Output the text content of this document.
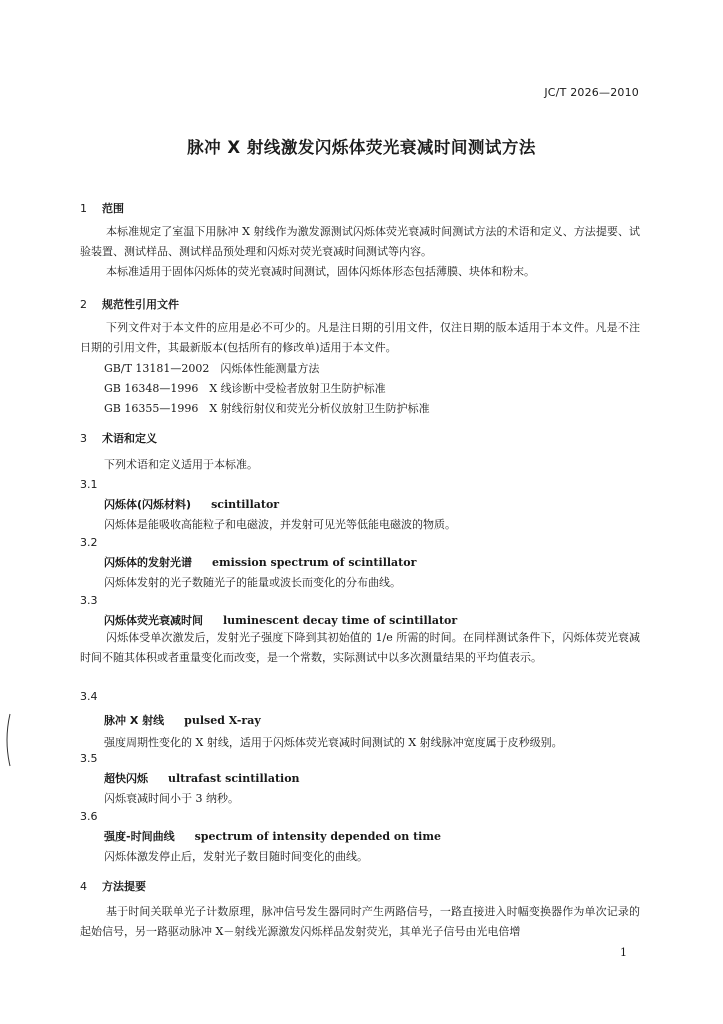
JC/T 2026—2010
脉冲 X 射线激发闪烁体荧光衰减时间测试方法
1 范围
本标准规定了室温下用脉冲 X 射线作为激发源测试闪烁体荧光衰减时间测试方法的术语和定义、方法提要、试验装置、测试样品、测试样品预处理和闪烁对荧光衰减时间测试等内容。
本标准适用于固体闪烁体的荧光衰减时间测试，固体闪烁体形态包括薄膜、块体和粉末。
2 规范性引用文件
下列文件对于本文件的应用是必不可少的。凡是注日期的引用文件，仅注日期的版本适用于本文件。凡是不注日期的引用文件，其最新版本(包括所有的修改单)适用于本文件。
GB/T 13181—2002　闪烁体性能测量方法
GB 16348—1996　X 线诊断中受检者放射卫生防护标准
GB 16355—1996　X 射线衍射仪和荧光分析仪放射卫生防护标准
3 术语和定义
下列术语和定义适用于本标准。
3.1
闪烁体(闪烁材料) scintillator
闪烁体是能吸收高能粒子和电磁波，并发射可见光等低能电磁波的物质。
3.2
闪烁体的发射光谱 emission spectrum of scintillator
闪烁体发射的光子数随光子的能量或波长而变化的分布曲线。
3.3
闪烁体荧光衰减时间 luminescent decay time of scintillator
闪烁体受单次激发后，发射光子强度下降到其初始值的 1/e 所需的时间。在同样测试条件下，闪烁体荧光衰减时间不随其体积或者重量变化而改变，是一个常数，实际测试中以多次测量结果的平均值表示。
3.4
脉冲 X 射线 pulsed X-ray
强度周期性变化的 X 射线，适用于闪烁体荧光衰减时间测试的 X 射线脉冲宽度属于皮秒级别。
3.5
超快闪烁 ultrafast scintillation
闪烁衰减时间小于 3 纳秒。
3.6
强度-时间曲线 spectrum of intensity depended on time
闪烁体激发停止后，发射光子数目随时间变化的曲线。
4 方法提要
基于时间关联单光子计数原理，脉冲信号发生器同时产生两路信号，一路直接进入时幅变换器作为单次记录的起始信号，另一路驱动脉冲 X－射线光源激发闪烁样品发射荧光，其单光子信号由光电倍增
1
